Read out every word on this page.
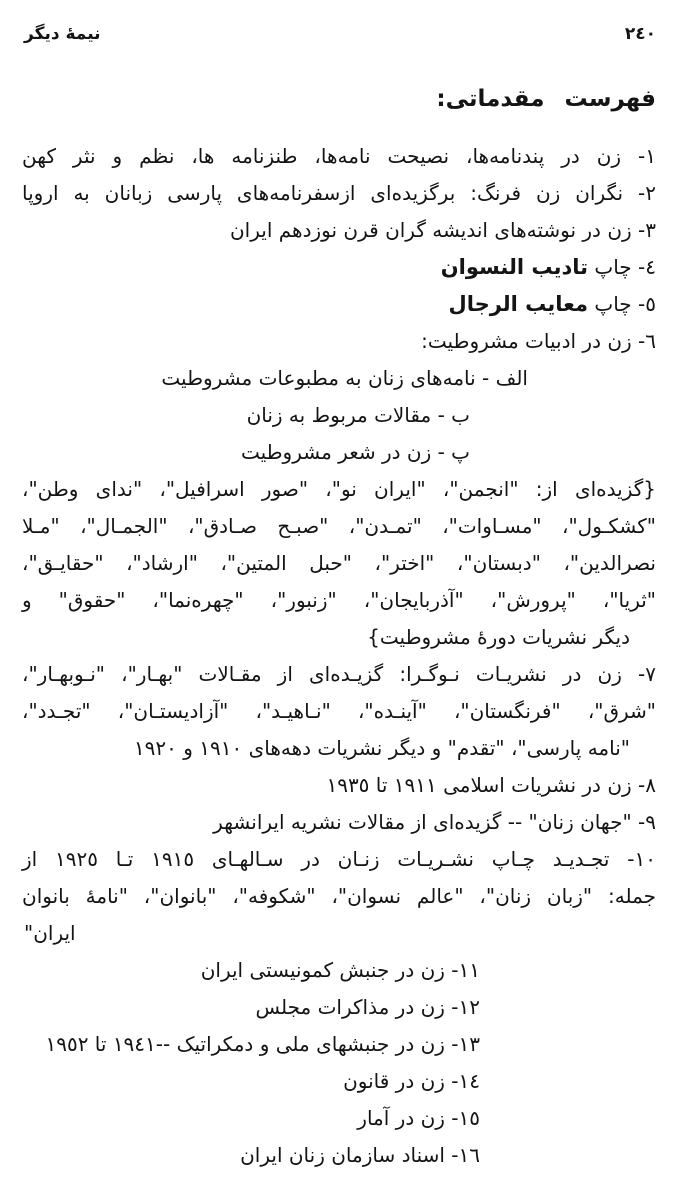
٢٤٠
نیمهٔ دیگر
فهرست مقدماتی:
١- زن در پندنامه‌ها، نصیحت نامه‌ها، طنزنامه ها، نظم و نثر کهن
٢- نگران زن فرنگ: برگزیده‌ای ازسفرنامه‌های پارسی زبانان به اروپا
٣- زن در نوشته‌های اندیشه گران قرن نوزدهم ایران
٤- چاپ تادیب النسوان
٥- چاپ معایب الرجال
٦- زن در ادبیات مشروطیت:
الف - نامه‌های زنان به مطبوعات مشروطیت
ب - مقالات مربوط به زنان
پ - زن در شعر مشروطیت
{گزیده‌ای از: "انجمن"، "ایران نو"، "صور اسرافیل"، "ندای وطن"،
"کشکـول"، "مسـاوات"، "تمـدن"، "صبـح صـادق"، "الجمـال"، "مـلا
نصرالدین"، "دبستان"، "اختر"، "حبل المتین"، "ارشاد"، "حقایـق"،
"ثریا"، "پرورش"، "آذربایجان"، "زنبور"، "چهره‌نما"، "حقوق" و
دیگر نشریات دورهٔ مشروطیت}
٧- زن در نشریـات نـوگـرا: گزیـده‌ای از مقـالات "بهـار"، "نـوبهـار"،
"شرق"، "فرنگستان"، "آینـده"، "نـاهیـد"، "آزادیستـان"، "تجـدد"،
"نامه پارسی"، "تقدم" و دیگر نشریات دهه‌های ١٩١٠ و ١٩٢٠
٨- زن در نشریات اسلامی ١٩١١ تا ١٩٣٥
٩- "جهان زنان" -- گزیده‌ای از مقالات نشریه ایرانشهر
١٠- تجـدیـد چـاپ نشـریـات زنـان در سـالهـای ١٩١٥ تـا ١٩٢٥ از
جمله: "زبان زنان"، "عالم نسوان"، "شکوفه"، "بانوان"، "نامهٔ بانوان
ایران"
١١- زن در جنبش کمونیستی ایران
١٢- زن در مذاکرات مجلس
١٣- زن در جنبشهای ملی و دمکراتیک --١٩٤١ تا ١٩٥٢
١٤- زن در قانون
١٥- زن در آمار
١٦- اسناد سازمان زنان ایران
